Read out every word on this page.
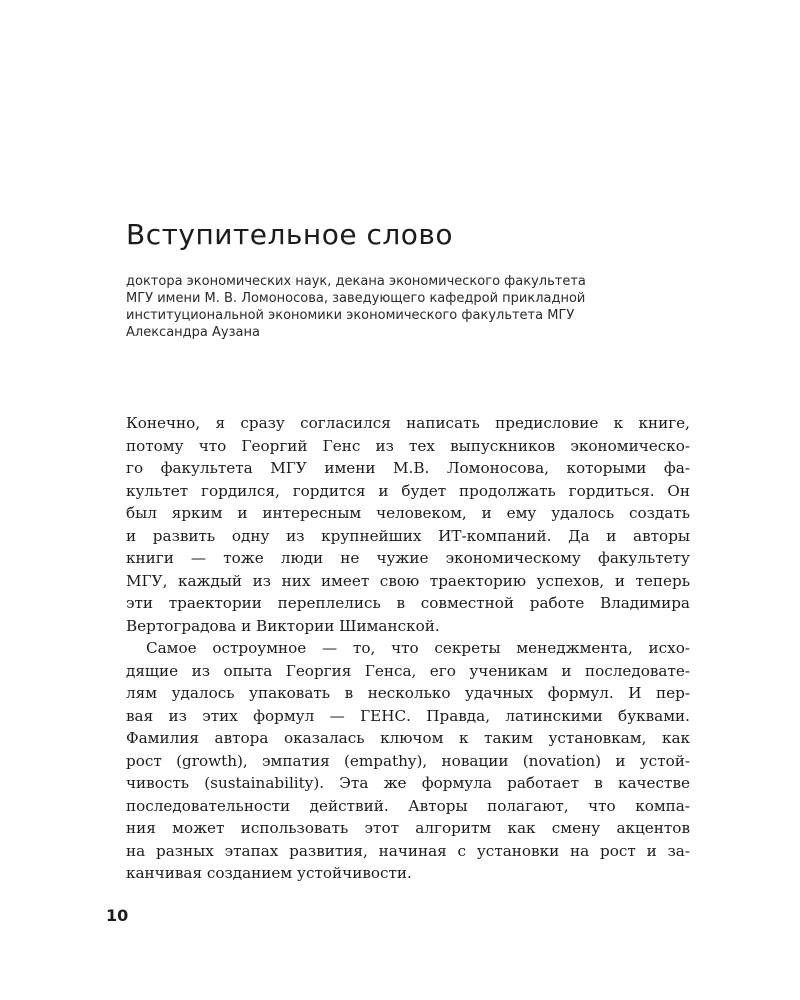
Вступительное слово

доктора экономических наук, декана экономического факультета
МГУ имени М. В. Ломоносова, заведующего кафедрой прикладной
институциональной экономики экономического факультета МГУ
Александра Аузана

Конечно, я сразу согласился написать предисловие к книге,
потому что Георгий Генс из тех выпускников экономическо-
го факультета МГУ имени М.В. Ломоносова, которыми фа-
культет гордился, гордится и будет продолжать гордиться. Он
был ярким и интересным человеком, и ему удалось создать
и развить одну из крупнейших ИТ-компаний. Да и авторы
книги — тоже люди не чужие экономическому факультету
МГУ, каждый из них имеет свою траекторию успехов, и теперь
эти траектории переплелись в совместной работе Владимира
Вертоградова и Виктории Шиманской.
Самое остроумное — то, что секреты менеджмента, исхо-
дящие из опыта Георгия Генса, его ученикам и последовате-
лям удалось упаковать в несколько удачных формул. И пер-
вая из этих формул — ГЕНС. Правда, латинскими буквами.
Фамилия автора оказалась ключом к таким установкам, как
рост (growth), эмпатия (empathy), новации (novation) и устой-
чивость (sustainability). Эта же формула работает в качестве
последовательности действий. Авторы полагают, что компа-
ния может использовать этот алгоритм как смену акцентов
на разных этапах развития, начиная с установки на рост и за-
канчивая созданием устойчивости.
10
